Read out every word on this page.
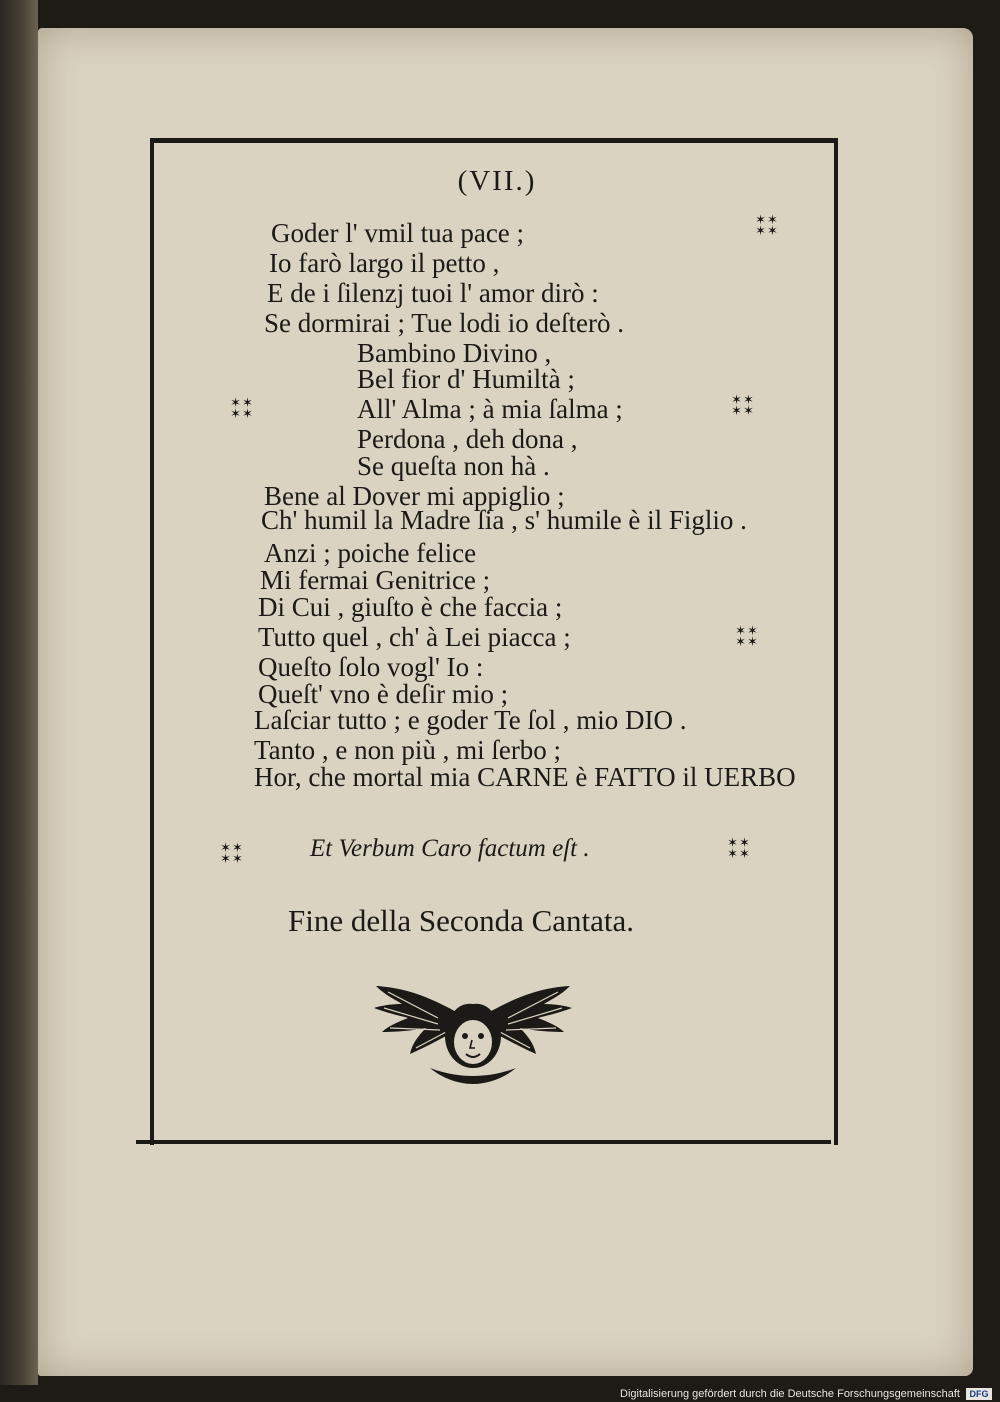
(VII.)
Goder l' vmil tua pace ;
Io farò largo il petto ,
E de i ſilenzj tuoi l' amor dirò :
Se dormirai ; Tue lodi io deſterò .
Bambino Divino ,
Bel fior d' Humiltà ;
All' Alma ; à mia ſalma ;
Perdona , deh dona ,
Se queſta non hà .
Bene al Dover mi appiglio ;
Ch' humil la Madre ſia , s' humile è il Figlio .
Anzi ; poiche felice
Mi fermai Genitrice ;
Di Cui , giuſto è che faccia ;
Tutto quel , ch' à Lei piacca ;
Queſto ſolo vogl' Io :
Queſt' vno è deſir mio ;
Laſciar tutto ; e goder Te ſol , mio DIO .
Tanto , e non più , mi ſerbo ;
Hor, che mortal mia CARNE è FATTO il UERBO
✶✶
✶✶
✶✶
✶✶
✶✶
✶✶
✶✶
✶✶
✶✶
✶✶
✶✶
✶✶
Et Verbum Caro factum eſt .
Fine della Seconda Cantata.
Digitalisierung gefördert durch die Deutsche Forschungsgemeinschaft	DFG
